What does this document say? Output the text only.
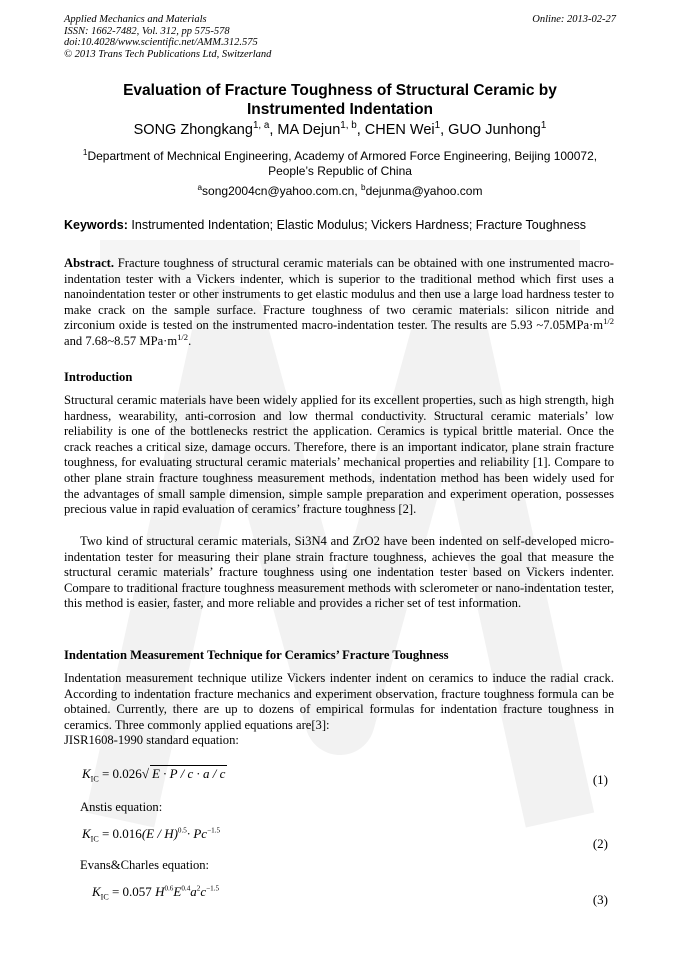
Applied Mechanics and Materials
ISSN: 1662-7482, Vol. 312, pp 575-578
doi:10.4028/www.scientific.net/AMM.312.575
© 2013 Trans Tech Publications Ltd, Switzerland
Online: 2013-02-27
Evaluation of Fracture Toughness of Structural Ceramic by
Instrumented Indentation
SONG Zhongkang$^{1, a}$, MA Dejun$^{1, b}$, CHEN Wei$^1$, GUO Junhong$^1$
$^1$Department of Mechnical Engineering, Academy of Armored Force Engineering, Beijing 100072,
People’s Republic of China
$^a$song2004cn@yahoo.com.cn, $^b$dejunma@yahoo.com
Keywords: Instrumented Indentation; Elastic Modulus; Vickers Hardness; Fracture Toughness
Abstract. Fracture toughness of structural ceramic materials can be obtained with one instrumented macro-indentation tester with a Vickers indenter, which is superior to the traditional method which first uses a nanoindentation tester or other instruments to get elastic modulus and then use a large load hardness tester to make crack on the sample surface. Fracture toughness of two ceramic materials: silicon nitride and zirconium oxide is tested on the instrumented macro-indentation tester. The results are 5.93 $\sim 7.05MPa\cdot m^{1/2}$ and 7.68~8.57 $MPa\cdot m^{1/2}$.
Introduction
Structural ceramic materials have been widely applied for its excellent properties, such as high strength, high hardness, wearability, anti-corrosion and low thermal conductivity. Structural ceramic materials’ low reliability is one of the bottlenecks restrict the application. Ceramics is typical brittle material. Once the crack reaches a critical size, damage occurs. Therefore, there is an important indicator, plane strain fracture toughness, for evaluating structural ceramic materials’ mechanical properties and reliability [1]. Compare to other plane strain fracture toughness measurement methods, indentation method has been widely used for the advantages of small sample dimension, simple sample preparation and experiment operation, possesses precious value in rapid evaluation of ceramics’ fracture toughness [2].
Two kind of structural ceramic materials, Si3N4 and ZrO2 have been indented on self-developed micro-indentation tester for measuring their plane strain fracture toughness, achieves the goal that measure the structural ceramic materials’ fracture toughness using one indentation tester based on Vickers indenter. Compare to traditional fracture toughness measurement methods with sclerometer or nano-indentation tester, this method is easier, faster, and more reliable and provides a richer set of test information.
Indentation Measurement Technique for Ceramics’ Fracture Toughness
Indentation measurement technique utilize Vickers indenter indent on ceramics to induce the radial crack. According to indentation fracture mechanics and experiment observation, fracture toughness formula can be obtained. Currently, there are up to dozens of empirical formulas for indentation fracture toughness in ceramics. Three commonly applied equations are[3]:
JISR1608-1990 standard equation:
$K_{IC} = 0.026√$ E · P / c · a / c	(1)
Anstis equation:
$K_{IC} = 0.016(E / H)^{0.5}\cdot Pc^{-1.5}$
(2)
Evans&Charles equation:
$K_{IC} = 0.057$ $H^{0.6}E^{0.4}a^2c^{-1.5}$
(3)
